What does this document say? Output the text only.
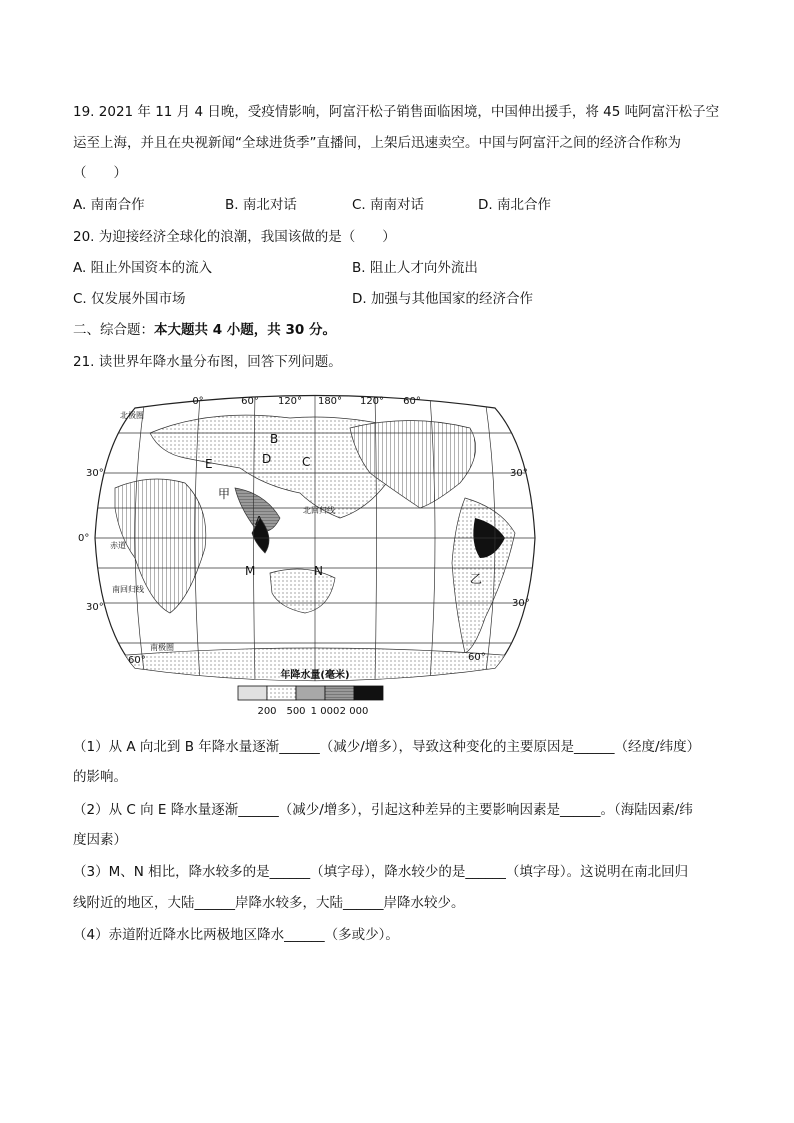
19. 2021 年 11 月 4 日晚，受疫情影响，阿富汗松子销售面临困境，中国伸出援手，将 45 吨阿富汗松子空
运至上海，并且在央视新闻“全球进货季”直播间，上架后迅速卖空。中国与阿富汗之间的经济合作称为
（　　）
A. 南南合作	B. 南北对话	C. 南南对话	D. 南北合作
20. 为迎接经济全球化的浪潮，我国该做的是（　　）
A. 阻止外国资本的流入	B. 阻止人才向外流出
C. 仅发展外国市场	D. 加强与其他国家的经济合作
二、综合题：本大题共 4 小题，共 30 分。
21. 读世界年降水量分布图，回答下列问题。
0°	60° 120° 180° 120° 60°
30°
0°
30°
60°
30°
30°
60°
B
D	C
E
甲
A
M	N
乙
北极圈
北回归线
赤道
南回归线
南极圈
年降水量(毫米)
200 500 1 000 2 000
（1）从 A 向北到 B 年降水量逐渐______（减少/增多），导致这种变化的主要原因是______（经度/纬度）
的影响。
（2）从 C 向 E 降水量逐渐______（减少/增多），引起这种差异的主要影响因素是______。（海陆因素/纬
度因素）
（3）M、N 相比，降水较多的是______（填字母），降水较少的是______（填字母）。这说明在南北回归
线附近的地区，大陆______岸降水较多，大陆______岸降水较少。
（4）赤道附近降水比两极地区降水______（多或少）。
